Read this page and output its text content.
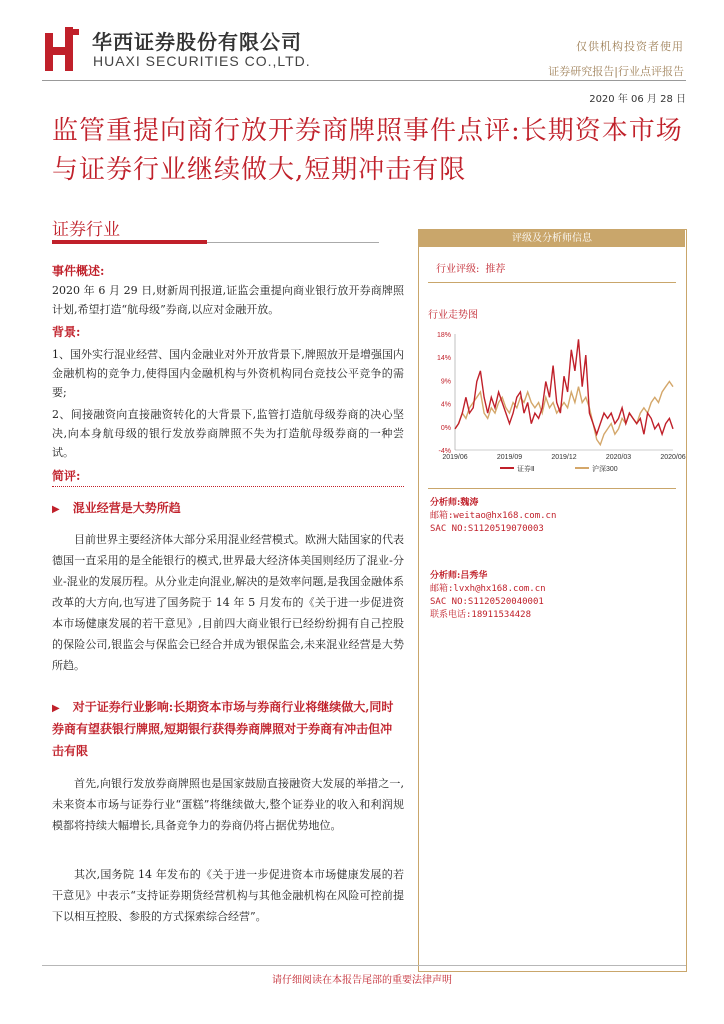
华西证券股份有限公司
HUAXI SECURITIES CO.,LTD.
仅供机构投资者使用
证券研究报告|行业点评报告
2020 年 06 月 28 日
监管重提向商行放开券商牌照事件点评:长期资本市场与证券行业继续做大,短期冲击有限
证券行业
事件概述:
2020 年 6 月 29 日,财新周刊报道,证监会重提向商业银行放开券商牌照计划,希望打造“航母级”券商,以应对金融开放。
背景:
1、国外实行混业经营、国内金融业对外开放背景下,牌照放开是增强国内金融机构的竞争力,使得国内金融机构与外资机构同台竞技公平竞争的需要;
2、间接融资向直接融资转化的大背景下,监管打造航母级券商的决心坚决,向本身航母级的银行发放券商牌照不失为打造航母级券商的一种尝试。
简评:
▶ 混业经营是大势所趋
目前世界主要经济体大部分采用混业经营模式。欧洲大陆国家的代表德国一直采用的是全能银行的模式,世界最大经济体美国则经历了混业-分业-混业的发展历程。从分业走向混业,解决的是效率问题,是我国金融体系改革的大方向,也写进了国务院于 14 年 5 月发布的《关于进一步促进资本市场健康发展的若干意见》,目前四大商业银行已经纷纷拥有自己控股的保险公司,银监会与保监会已经合并成为银保监会,未来混业经营是大势所趋。
▶ 对于证券行业影响:长期资本市场与券商行业将继续做大,同时券商有望获银行牌照,短期银行获得券商牌照对于券商有冲击但冲击有限
首先,向银行发放券商牌照也是国家鼓励直接融资大发展的举措之一,未来资本市场与证券行业“蛋糕”将继续做大,整个证券业的收入和利润规模都将持续大幅增长,具备竞争力的券商仍将占据优势地位。
其次,国务院 14 年发布的《关于进一步促进资本市场健康发展的若干意见》中表示“支持证券期货经营机构与其他金融机构在风险可控前提下以相互控股、参股的方式探索综合经营”。
评级及分析师信息
行业评级: 推荐
行业走势图
18%
14%
9%
4%
0%
-4%
2019/06	2019/09	2019/12	2020/03	2020/06
证券Ⅱ	沪深300
分析师:魏涛
邮箱:weitao@hx168.com.cn
SAC NO:S1120519070003
分析师:吕秀华
邮箱:lvxh@hx168.com.cn
SAC NO:S1120520040001
联系电话:18911534428
请仔细阅读在本报告尾部的重要法律声明
